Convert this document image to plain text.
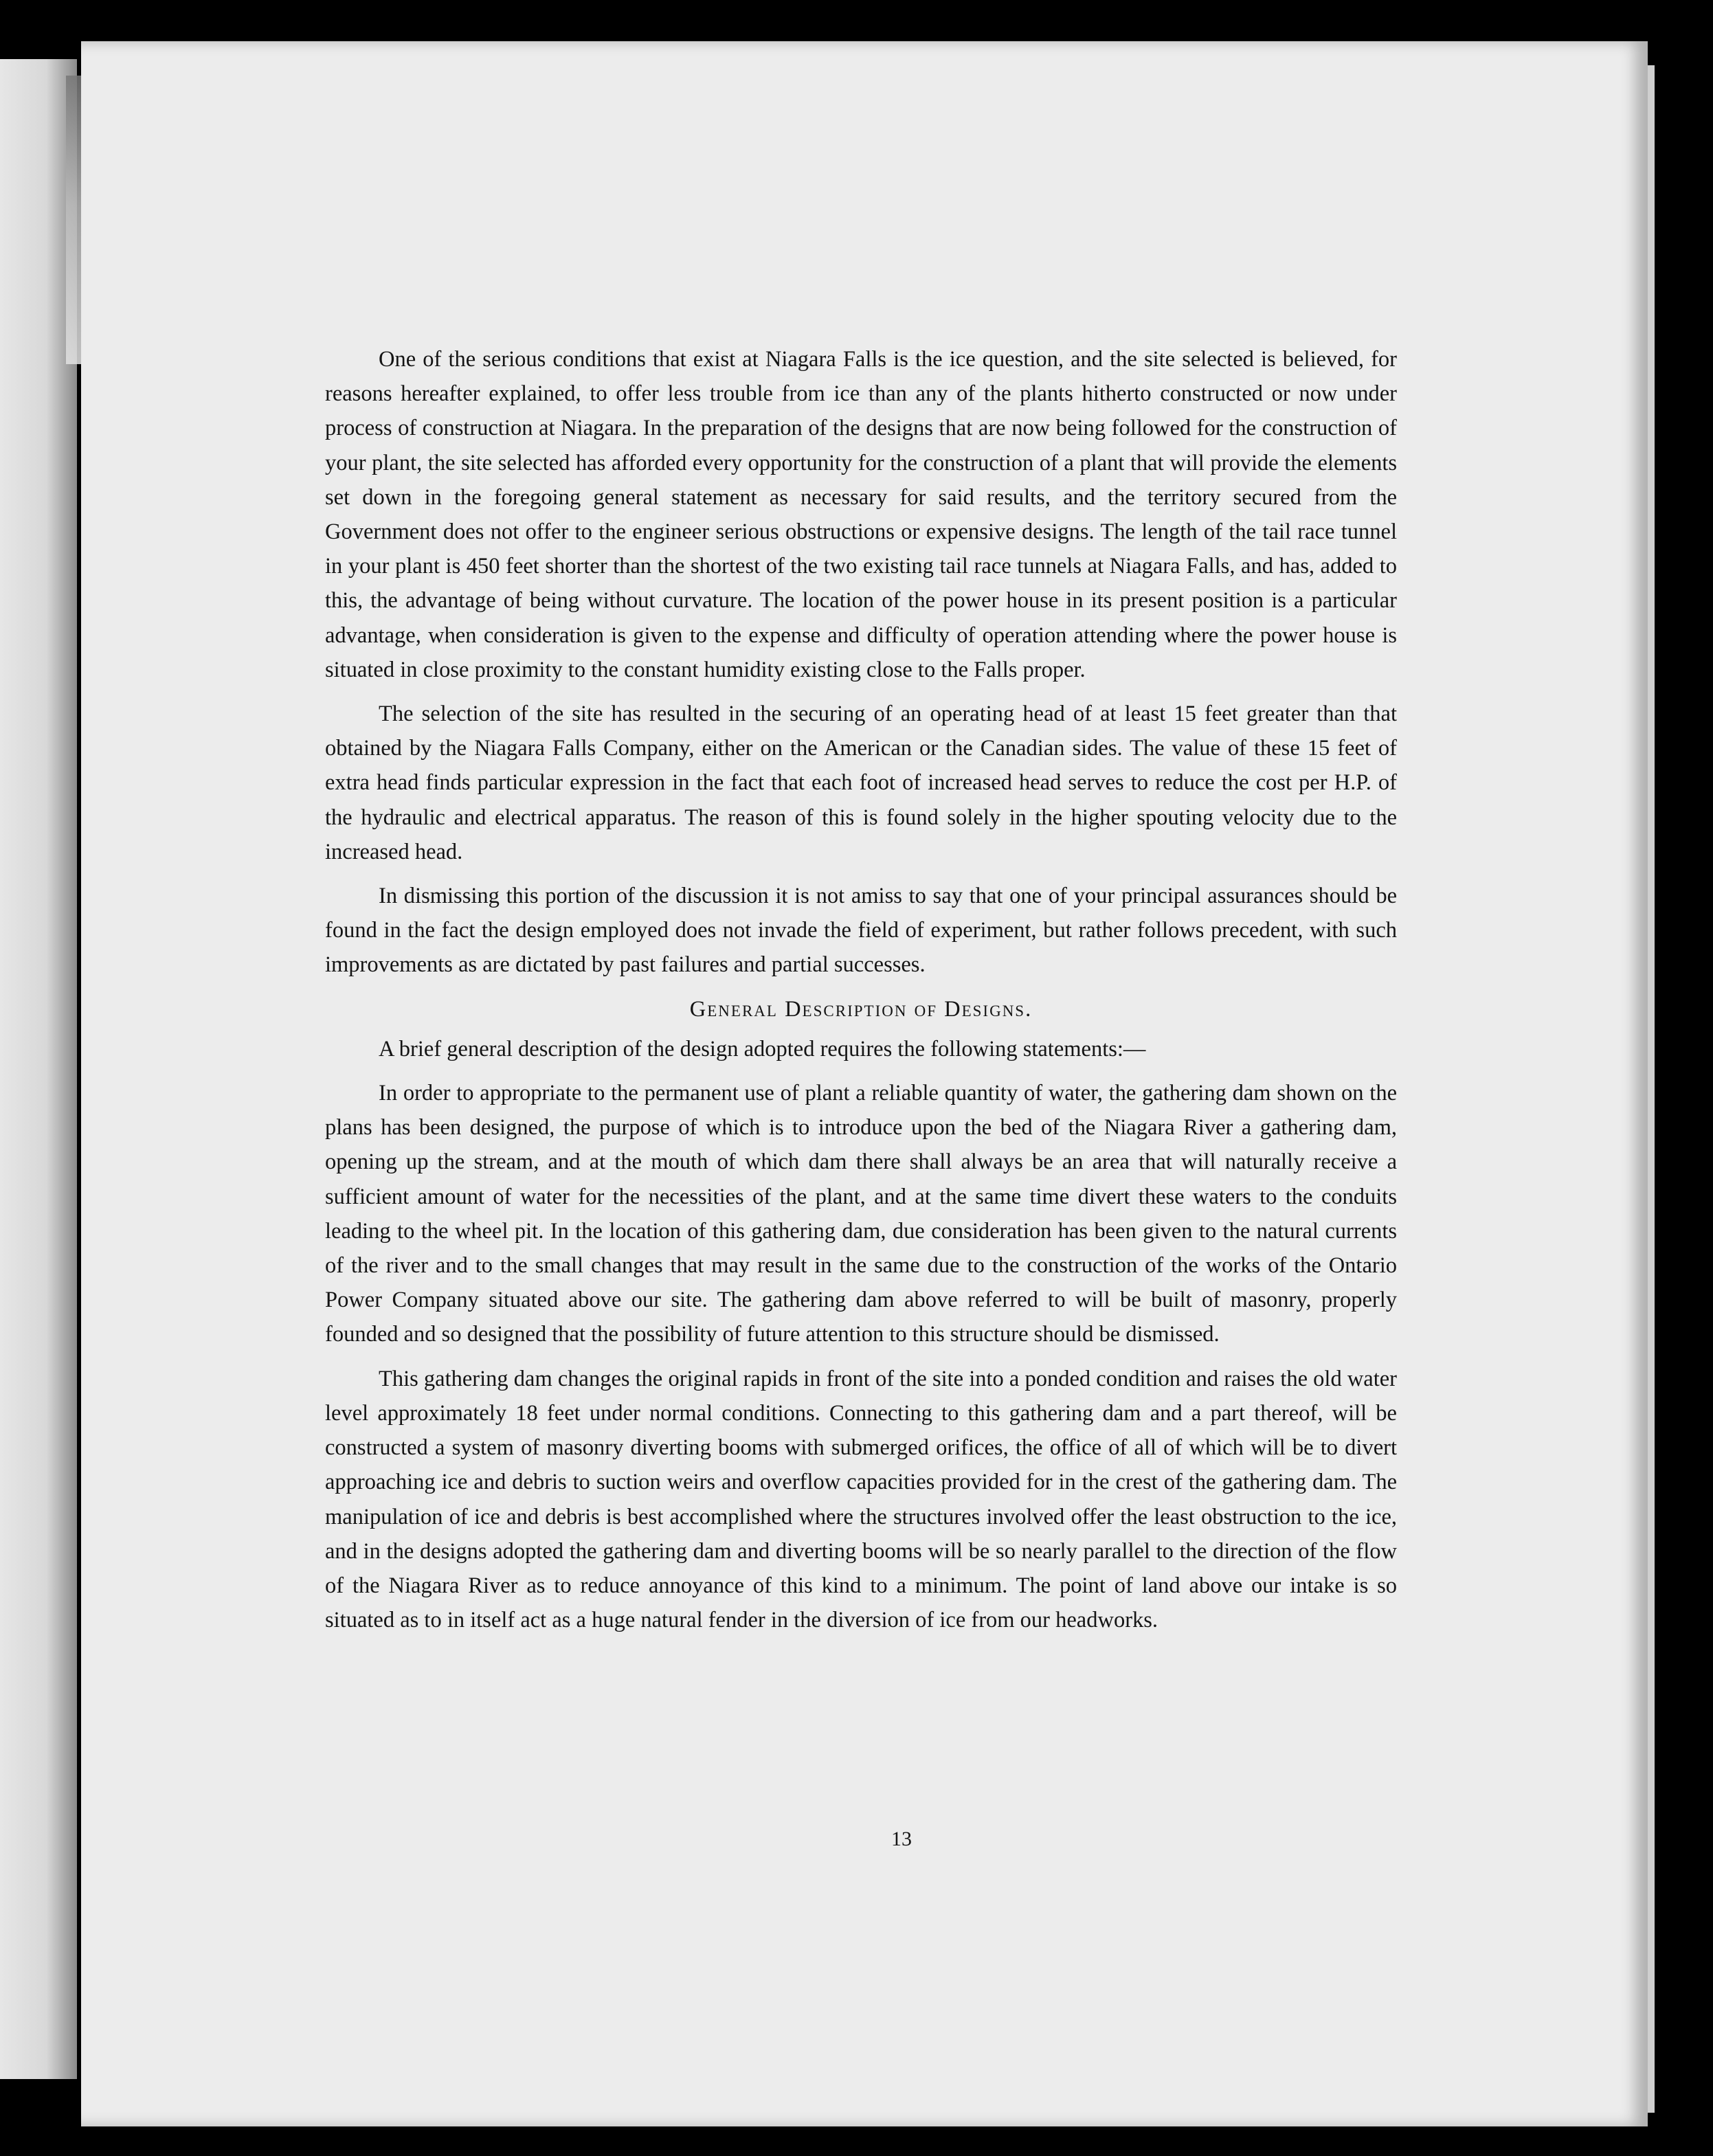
One of the serious conditions that exist at Niagara Falls is the ice question, and the site selected is believed, for reasons hereafter explained, to offer less trouble from ice than any of the plants hitherto constructed or now under process of construction at Niagara. In the preparation of the designs that are now being followed for the construction of your plant, the site selected has afforded every opportunity for the construction of a plant that will provide the elements set down in the foregoing general statement as necessary for said results, and the territory secured from the Government does not offer to the engineer serious obstructions or expensive designs. The length of the tail race tunnel in your plant is 450 feet shorter than the shortest of the two existing tail race tunnels at Niagara Falls, and has, added to this, the advantage of being without curvature. The location of the power house in its present position is a particular advantage, when consideration is given to the expense and difficulty of operation attending where the power house is situated in close proximity to the constant humidity existing close to the Falls proper.

The selection of the site has resulted in the securing of an operating head of at least 15 feet greater than that obtained by the Niagara Falls Company, either on the American or the Canadian sides. The value of these 15 feet of extra head finds particular expression in the fact that each foot of increased head serves to reduce the cost per H.P. of the hydraulic and electrical apparatus. The reason of this is found solely in the higher spouting velocity due to the increased head.

In dismissing this portion of the discussion it is not amiss to say that one of your principal assurances should be found in the fact the design employed does not invade the field of experiment, but rather follows precedent, with such improvements as are dictated by past failures and partial successes.

General Description of Designs.

A brief general description of the design adopted requires the following statements:—

In order to appropriate to the permanent use of plant a reliable quantity of water, the gathering dam shown on the plans has been designed, the purpose of which is to introduce upon the bed of the Niagara River a gathering dam, opening up the stream, and at the mouth of which dam there shall always be an area that will naturally receive a sufficient amount of water for the necessities of the plant, and at the same time divert these waters to the conduits leading to the wheel pit. In the location of this gathering dam, due consideration has been given to the natural currents of the river and to the small changes that may result in the same due to the construction of the works of the Ontario Power Company situated above our site. The gathering dam above referred to will be built of masonry, properly founded and so designed that the possibility of future attention to this structure should be dismissed.

This gathering dam changes the original rapids in front of the site into a ponded condition and raises the old water level approximately 18 feet under normal conditions. Connecting to this gathering dam and a part thereof, will be constructed a system of masonry diverting booms with submerged orifices, the office of all of which will be to divert approaching ice and debris to suction weirs and overflow capacities provided for in the crest of the gathering dam. The manipulation of ice and debris is best accomplished where the structures involved offer the least obstruction to the ice, and in the designs adopted the gathering dam and diverting booms will be so nearly parallel to the direction of the flow of the Niagara River as to reduce annoyance of this kind to a minimum. The point of land above our intake is so situated as to in itself act as a huge natural fender in the diversion of ice from our headworks.

13
